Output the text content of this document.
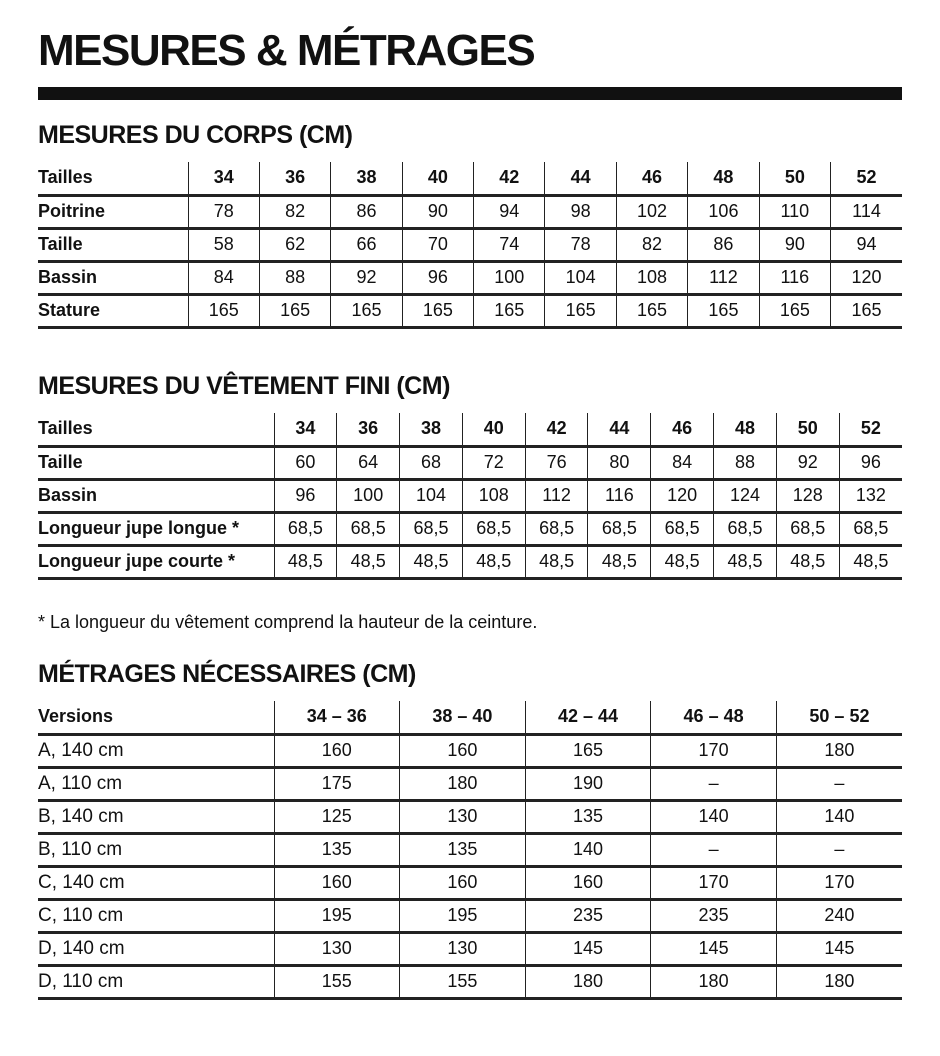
MESURES & MÉTRAGES
MESURES DU CORPS (CM)
Tailles	34	36	38	40	42	44	46	48	50	52
Poitrine	78	82	86	90	94	98	102	106	110	114
Taille	58	62	66	70	74	78	82	86	90	94
Bassin	84	88	92	96	100	104	108	112	116	120
Stature	165	165	165	165	165	165	165	165	165	165
MESURES DU VÊTEMENT FINI (CM)
Tailles	34	36	38	40	42	44	46	48	50	52
Taille	60	64	68	72	76	80	84	88	92	96
Bassin	96	100	104	108	112	116	120	124	128	132
Longueur jupe longue *	68,5	68,5	68,5	68,5	68,5	68,5	68,5	68,5	68,5	68,5
Longueur jupe courte *	48,5	48,5	48,5	48,5	48,5	48,5	48,5	48,5	48,5	48,5

* La longueur du vêtement comprend la hauteur de la ceinture.

MÉTRAGES NÉCESSAIRES (CM)
Versions	34 – 36	38 – 40	42 – 44	46 – 48	50 – 52
A, 140 cm	160	160	165	170	180
A, 110 cm	175	180	190	–	–
B, 140 cm	125	130	135	140	140
B, 110 cm	135	135	140	–	–
C, 140 cm	160	160	160	170	170
C, 110 cm	195	195	235	235	240
D, 140 cm	130	130	145	145	145
D, 110 cm	155	155	180	180	180
